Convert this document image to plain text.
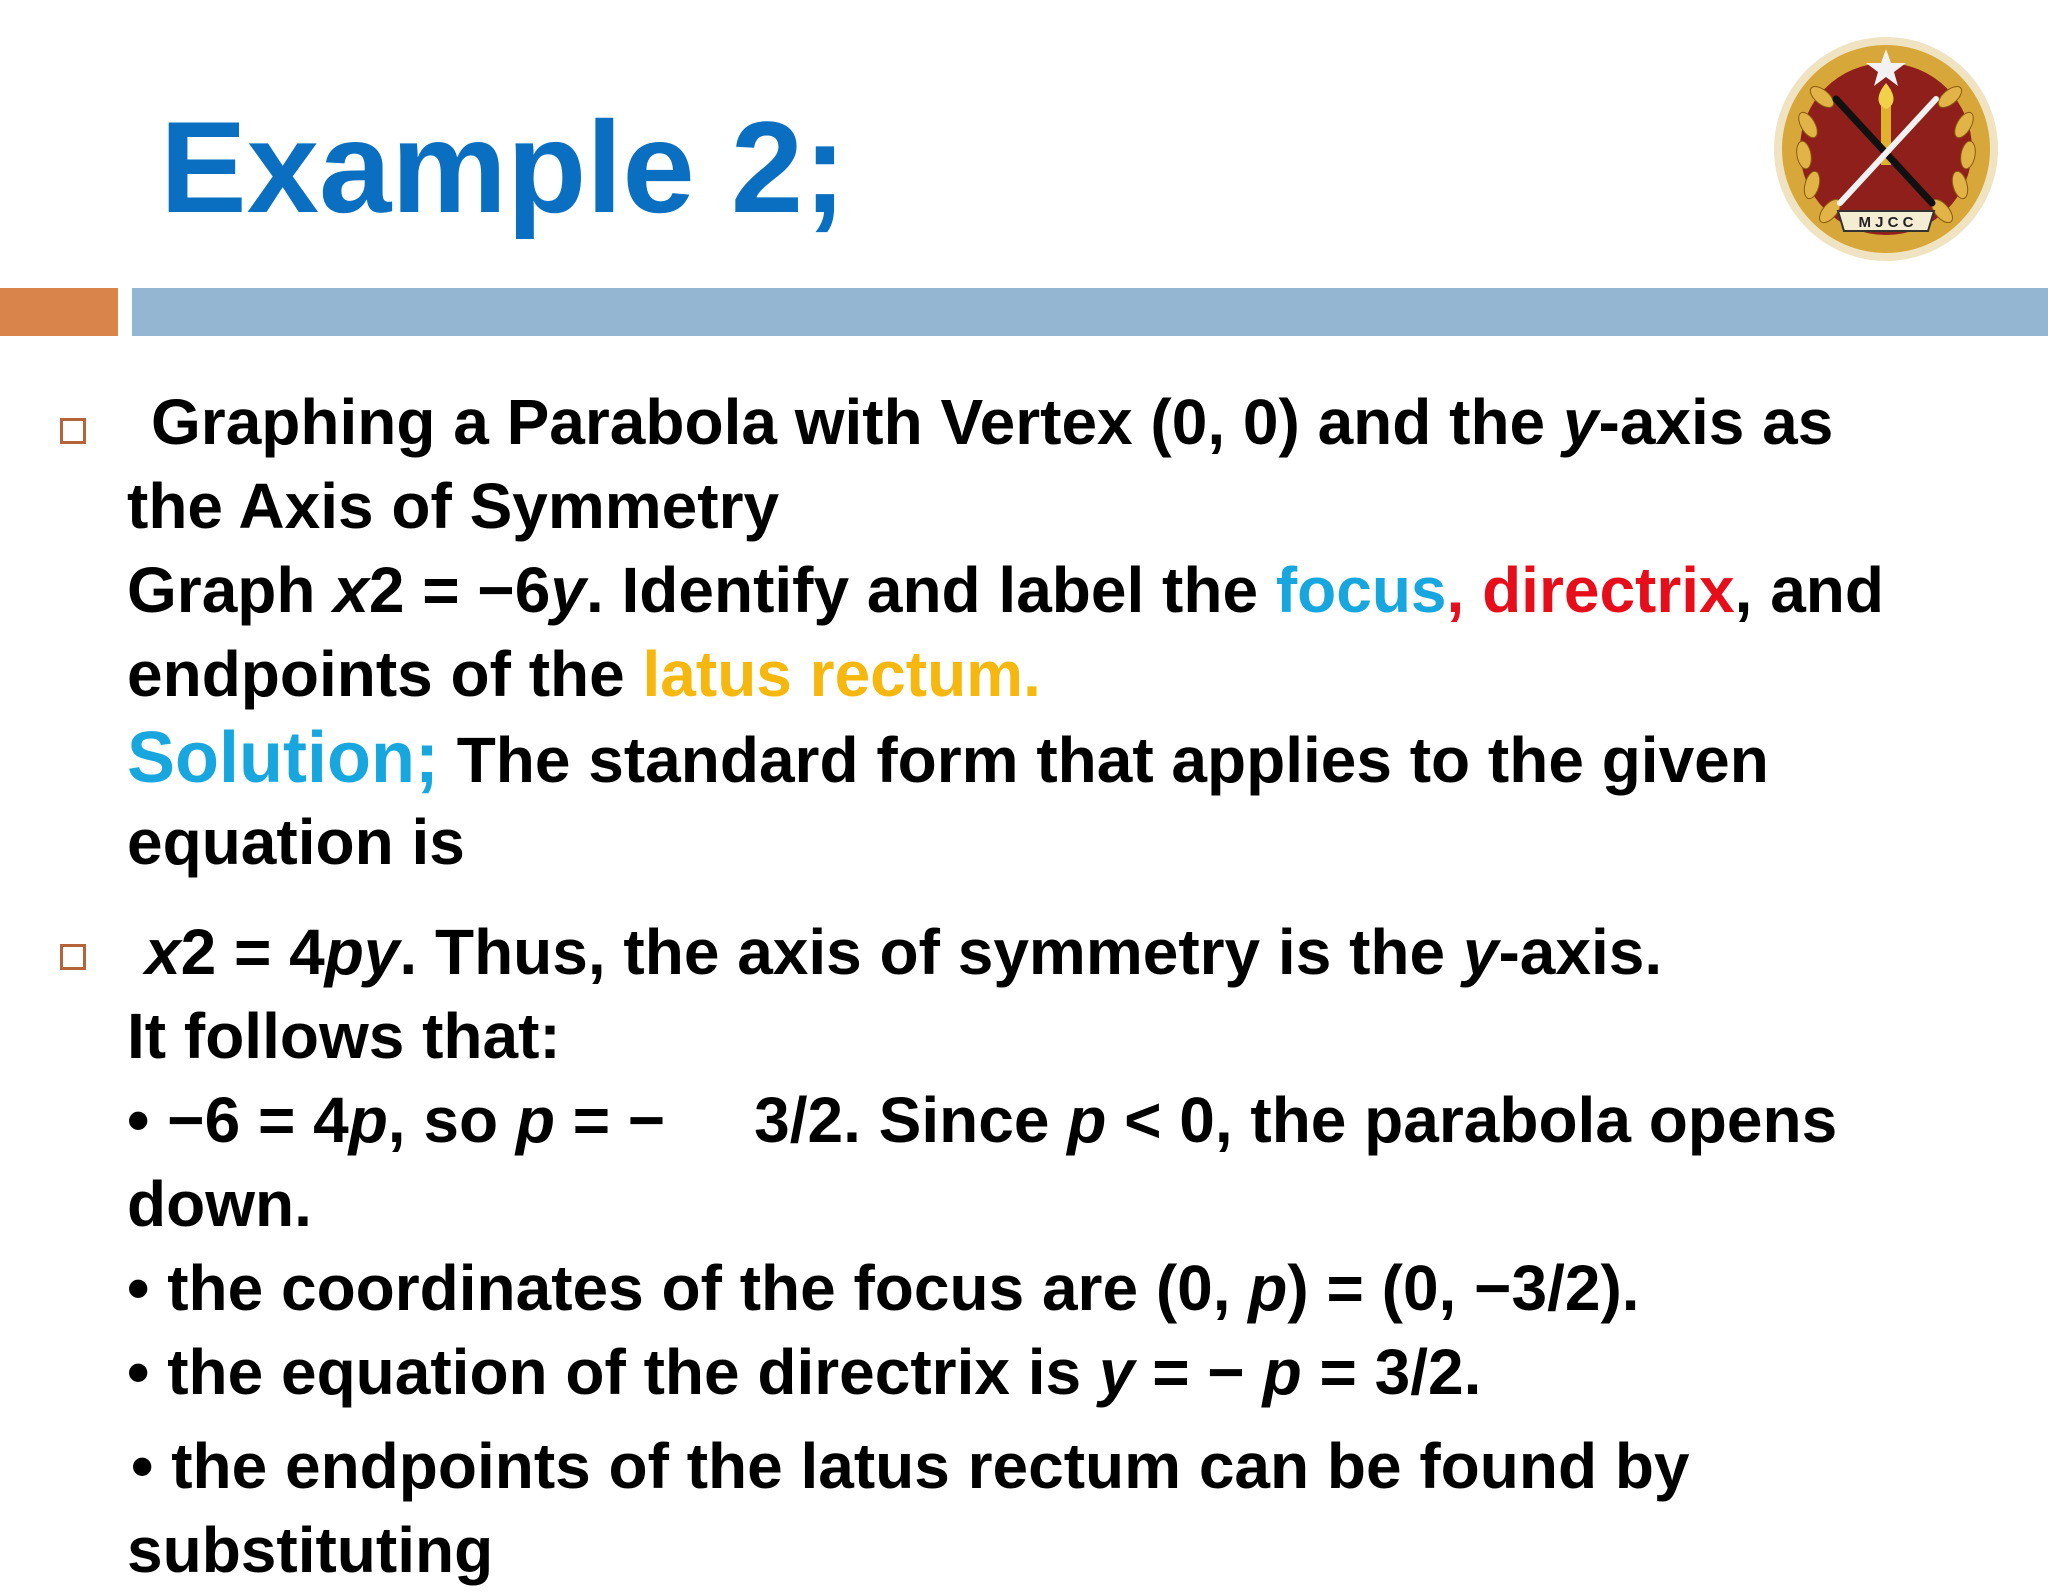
Example 2;	M J C C
Graphing a Parabola with Vertex (0, 0) and the y-axis as
the Axis of Symmetry
Graph x2 = −6y. Identify and label the focus, directrix, and
endpoints of the latus rectum.
Solution; The standard form that applies to the given
equation is
x2 = 4py. Thus, the axis of symmetry is the y-axis.
It follows that:
• −6 = 4p, so p = −     3/2. Since p < 0, the parabola opens
down.
• the coordinates of the focus are (0, p) = (0, −3/2).
• the equation of the directrix is y = − p = 3/2.
• the endpoints of the latus rectum can be found by
substituting
